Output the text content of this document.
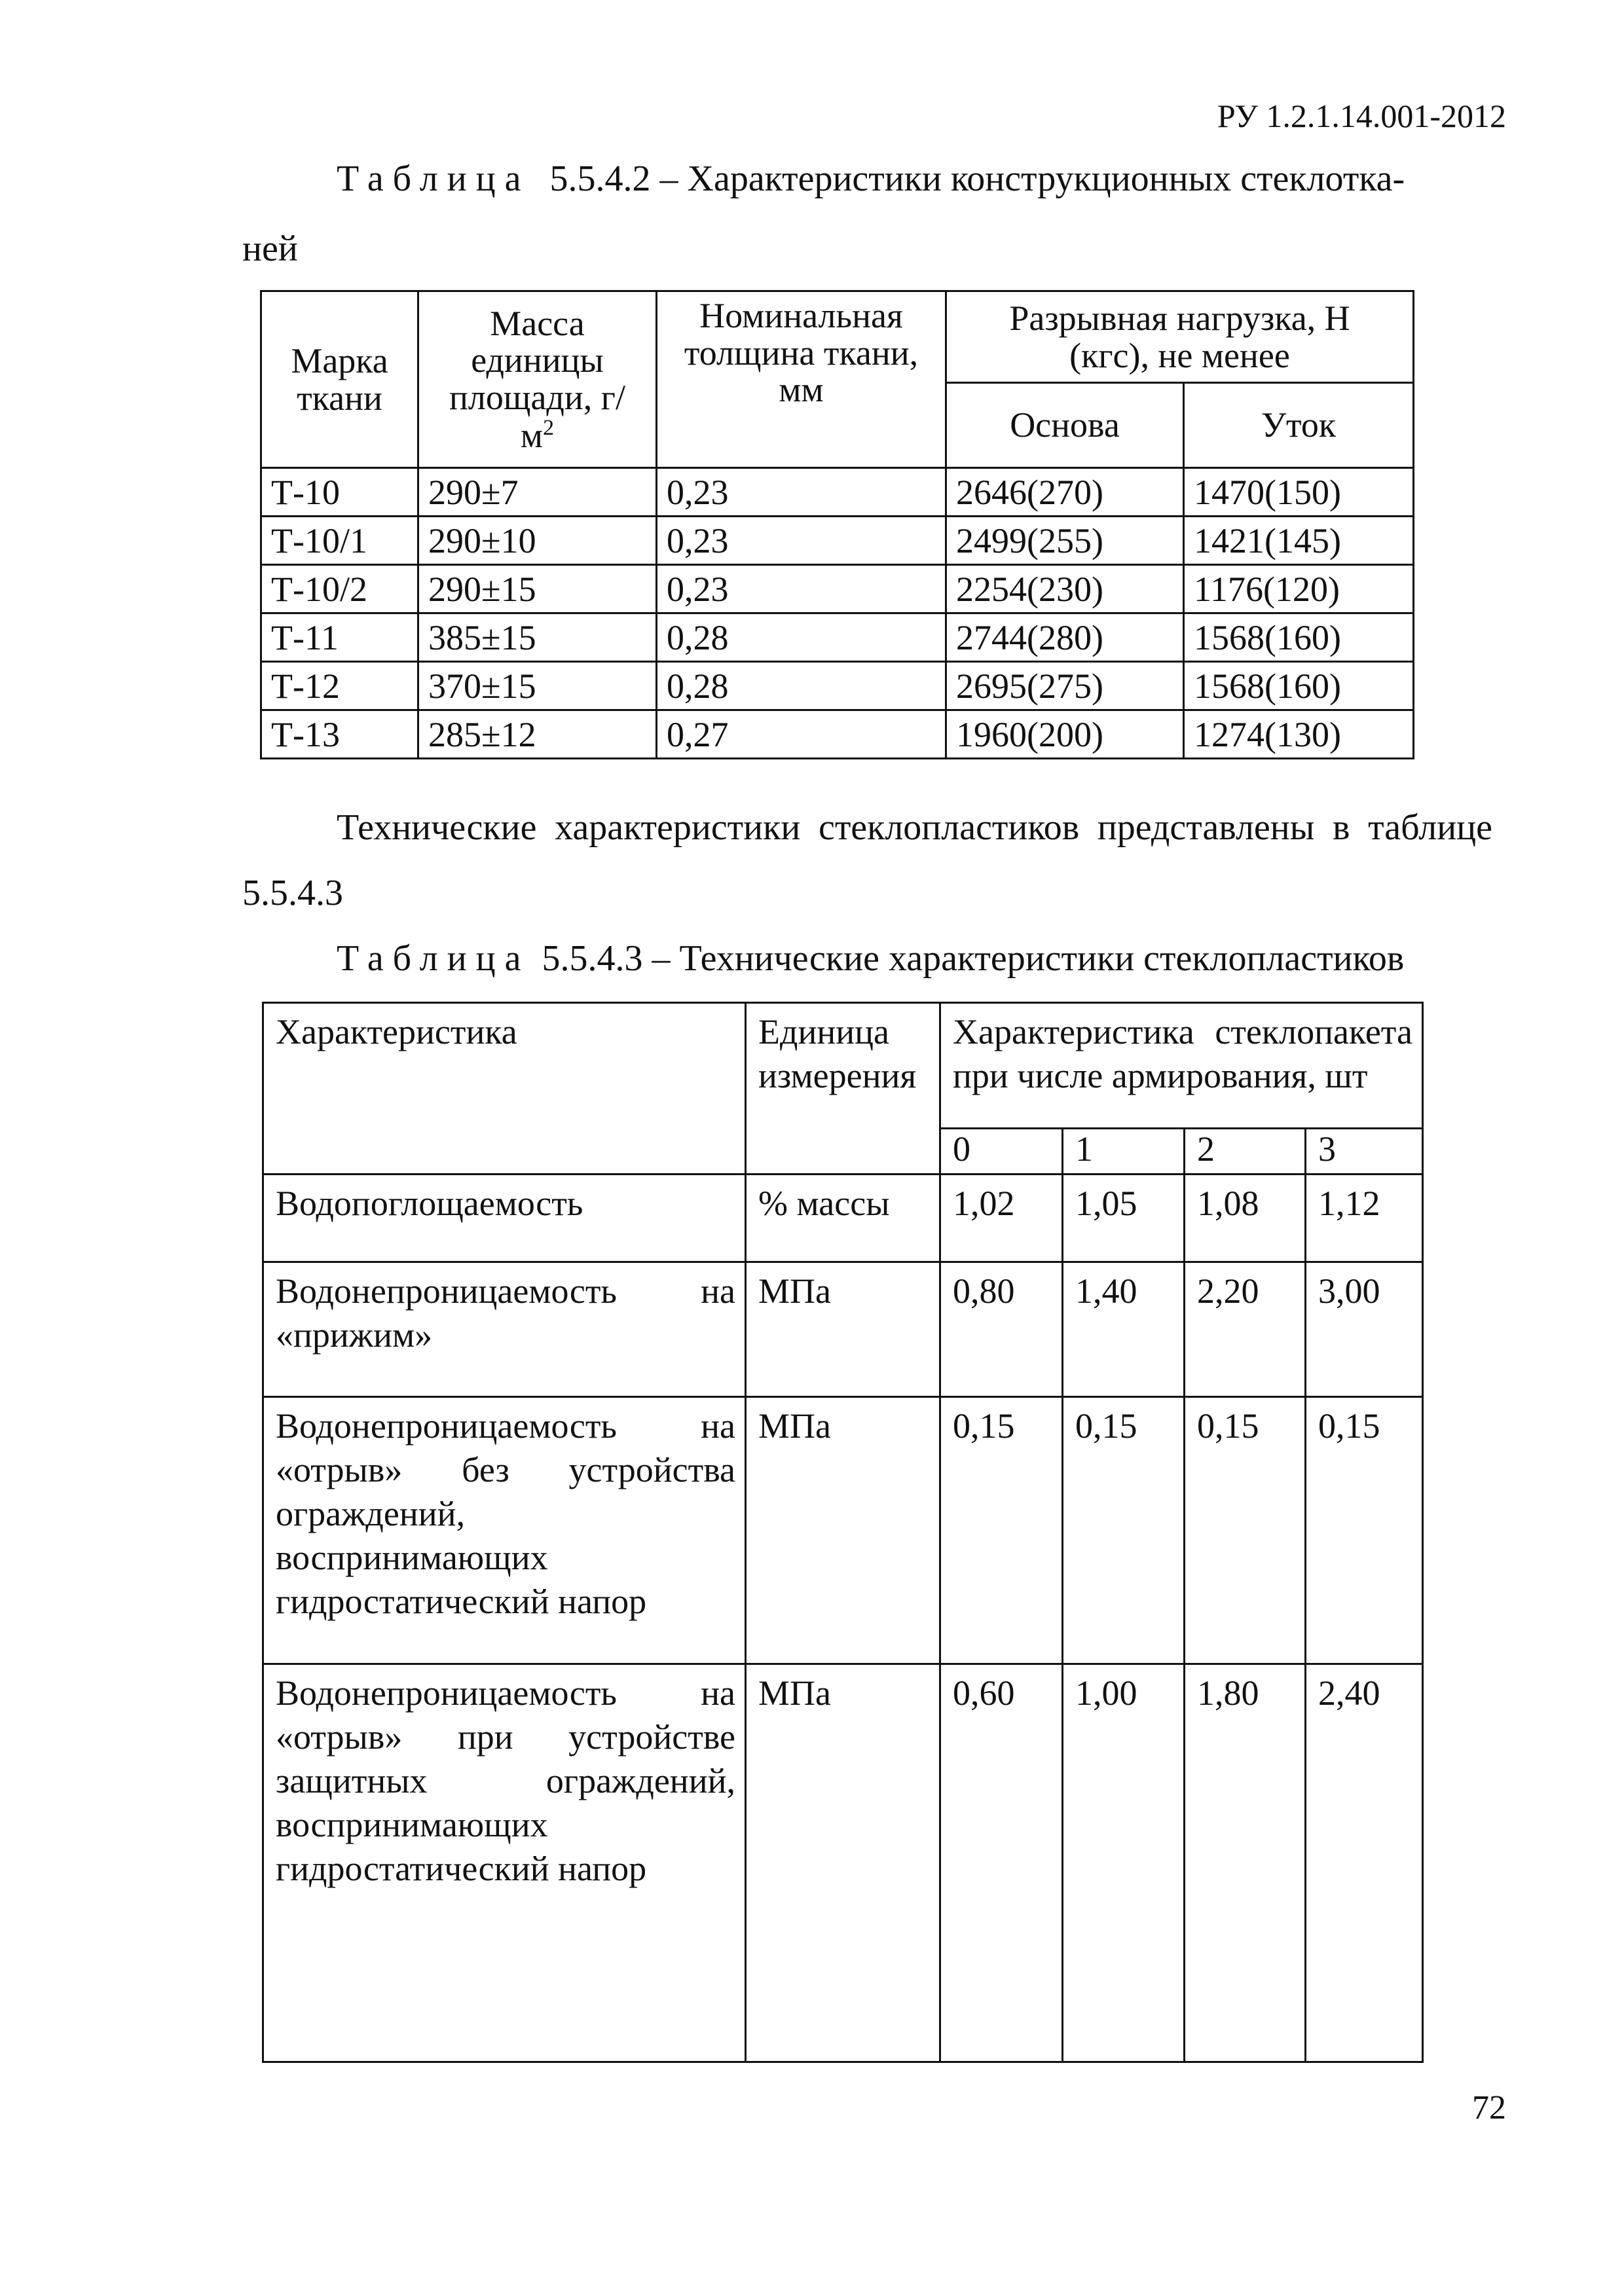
РУ 1.2.1.14.001-2012
Таблица 5.5.4.2 – Характеристики конструкционных стеклотка-
ней
Марка ткани	Масса единицы площади, $г/м^2$	Номинальная толщина ткани, мм	Разрывная нагрузка, Н (кгс), не менее	
			Основа	Уток
Т-10	290±7	0,23	2646(270)	1470(150)
Т-10/1	290±10	0,23	2499(255)	1421(145)
Т-10/2	290±15	0,23	2254(230)	1176(120)
Т-11	385±15	0,28	2744(280)	1568(160)
Т-12	370±15	0,28	2695(275)	1568(160)
Т-13	285±12	0,27	1960(200)	1274(130)
Технические характеристики стеклопластиков представлены в таблице
5.5.4.3
Таблица 5.5.4.3 – Технические характеристики стеклопластиков
Характеристика	Единица измерения	Характеристика стеклопакета при числе армирования, шт			
		0	1	2	3
Водопоглощаемость	% массы	1,02	1,05	1,08	1,12
Водонепроницаемость на «прижим»	МПа	0,80	1,40	2,20	3,00
Водонепроницаемость на «отрыв» без устройства ограждений, воспринимающих гидростатический напор	МПа	0,15	0,15	0,15	0,15
Водонепроницаемость на «отрыв» при устройстве защитных ограждений, воспринимающих гидростатический напор	МПа	0,60	1,00	1,80	2,40
72
